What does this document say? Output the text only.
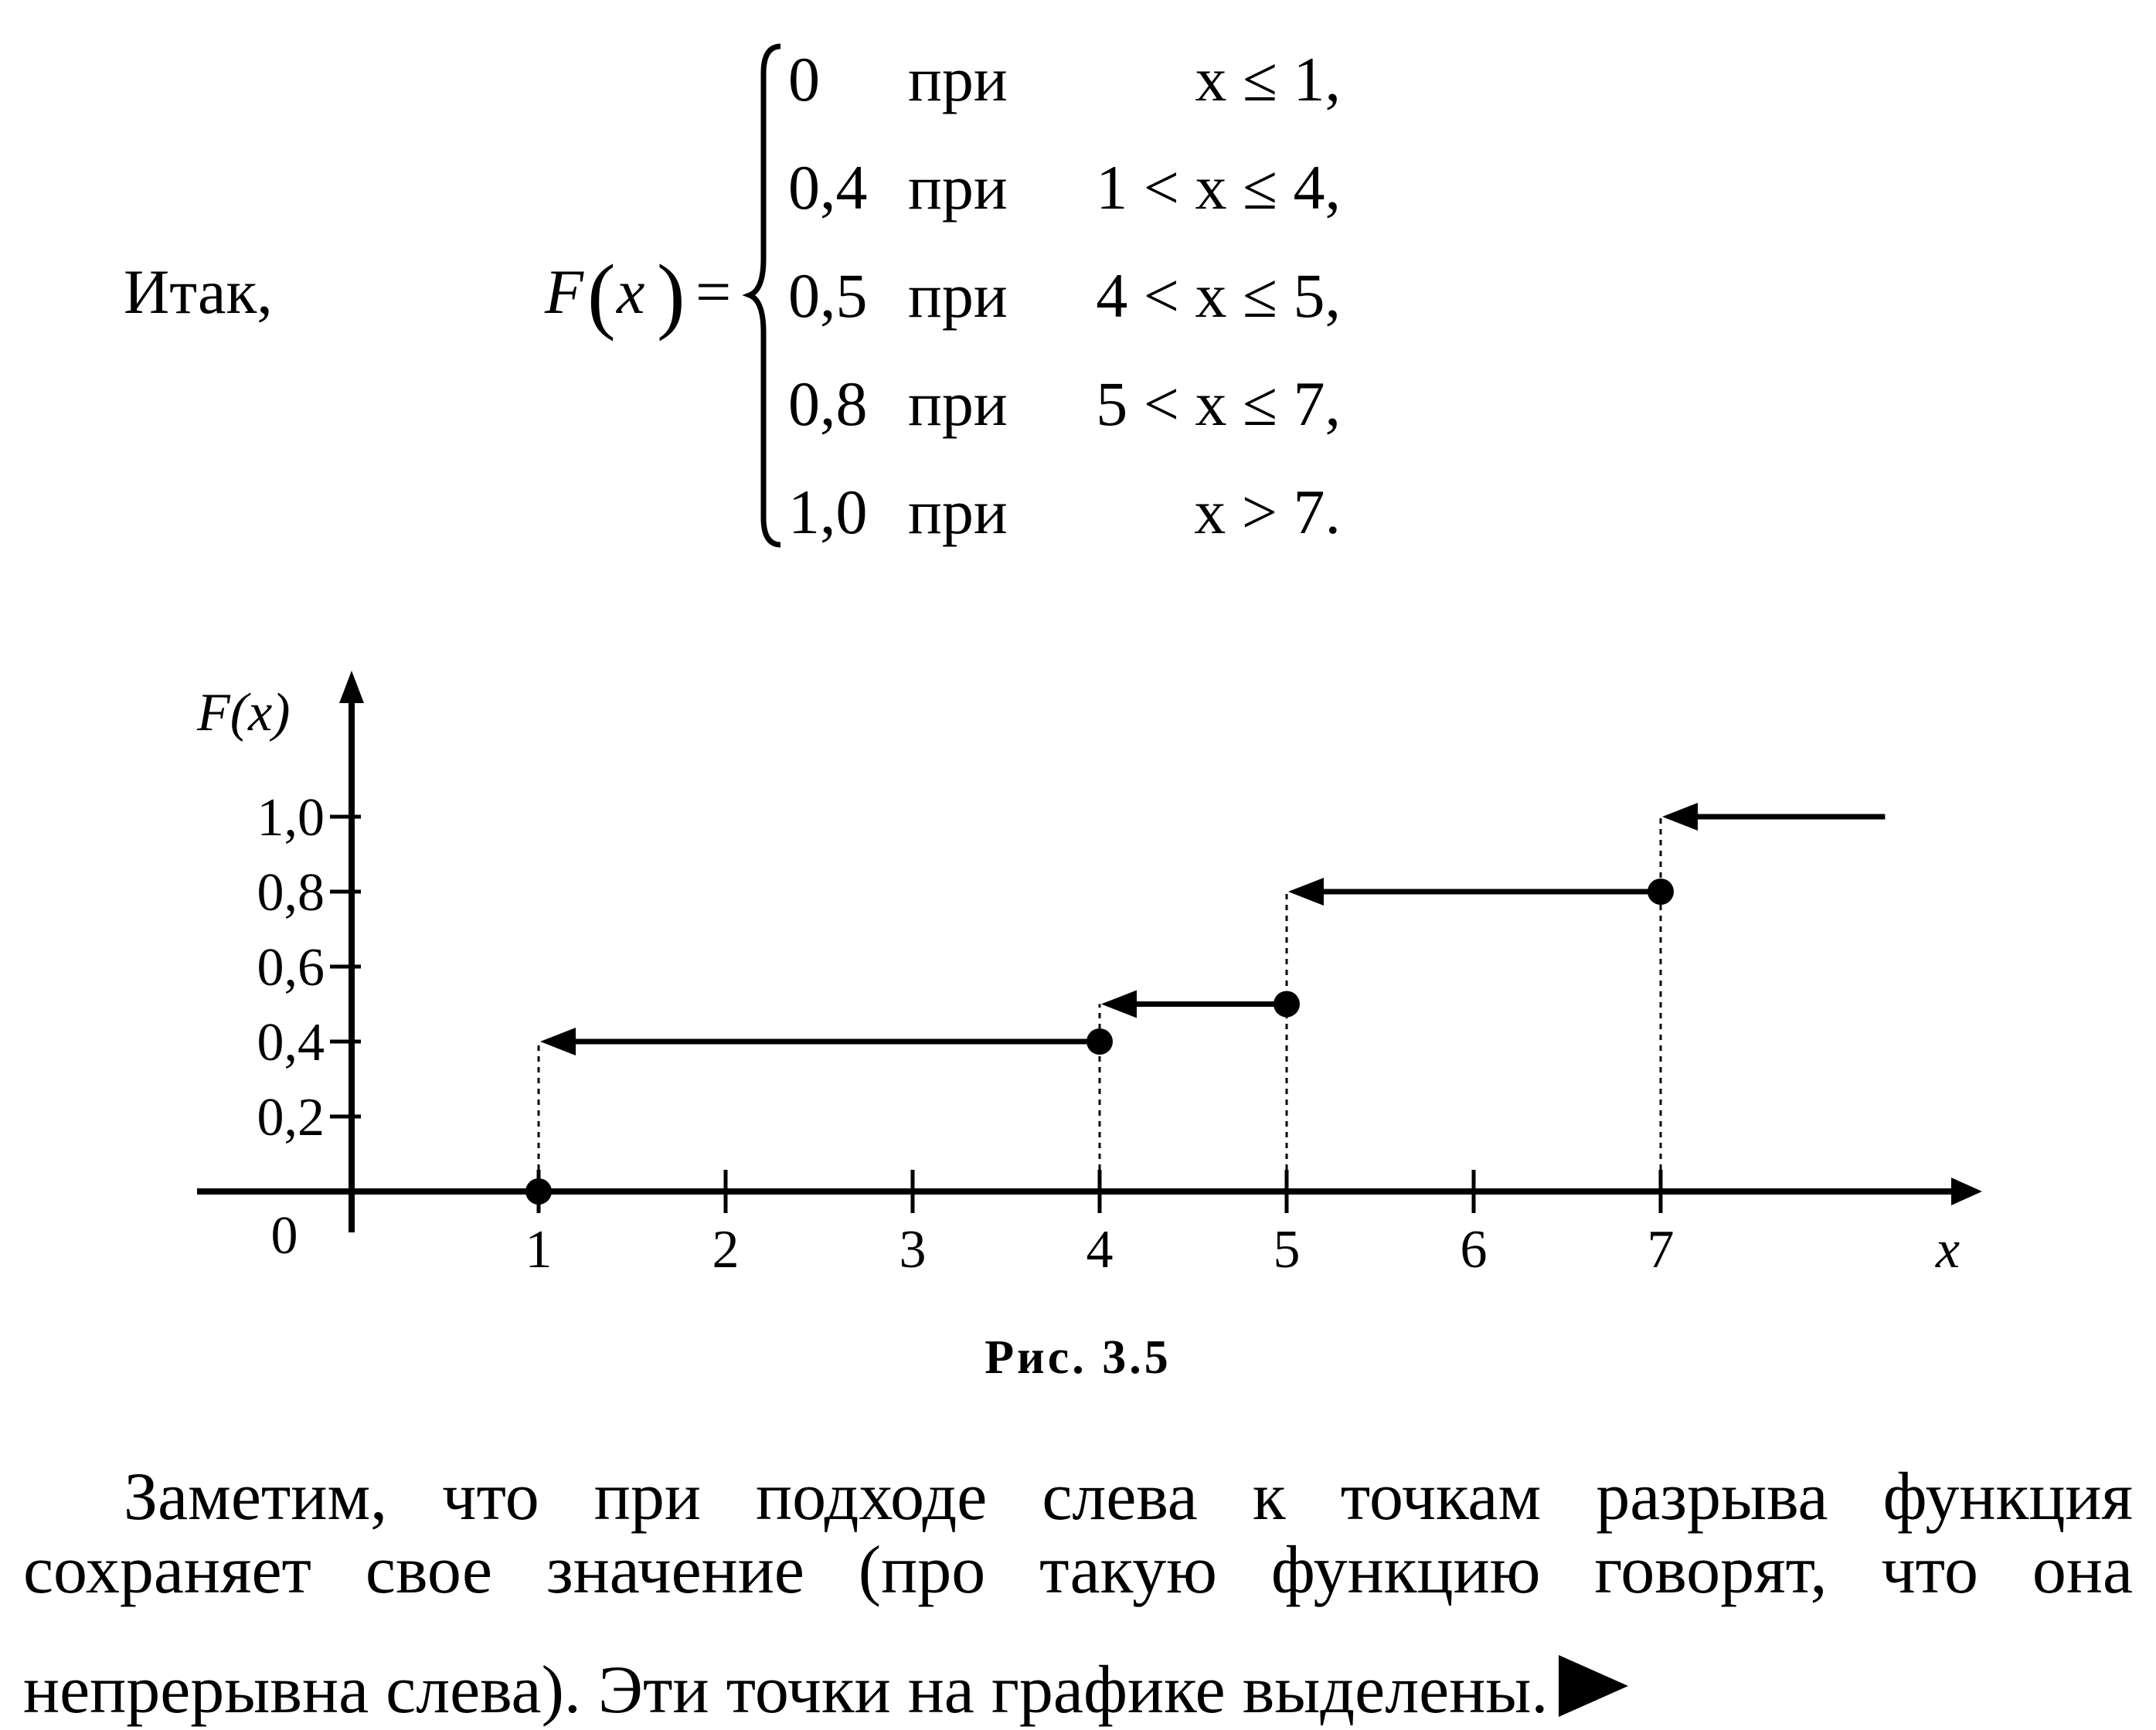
Итак,	F ( x ) =
0 при	x ≤ 1,
0,4 при 1 < x ≤ 4,
0,5 при 4 < x ≤ 5,
0,8 при 5 < x ≤ 7,
1,0 при	x > 7.
0
F(x)
x
1	2	3	4	5	6	7
0,2
0,4
0,6
0,8
1,0
Рис. 3.5
Заметим, что при подходе слева к точкам разрыва функция сохраняет свое значение (про такую функцию говорят, что она
непрерывна слева). Эти точки на графике выделены.
